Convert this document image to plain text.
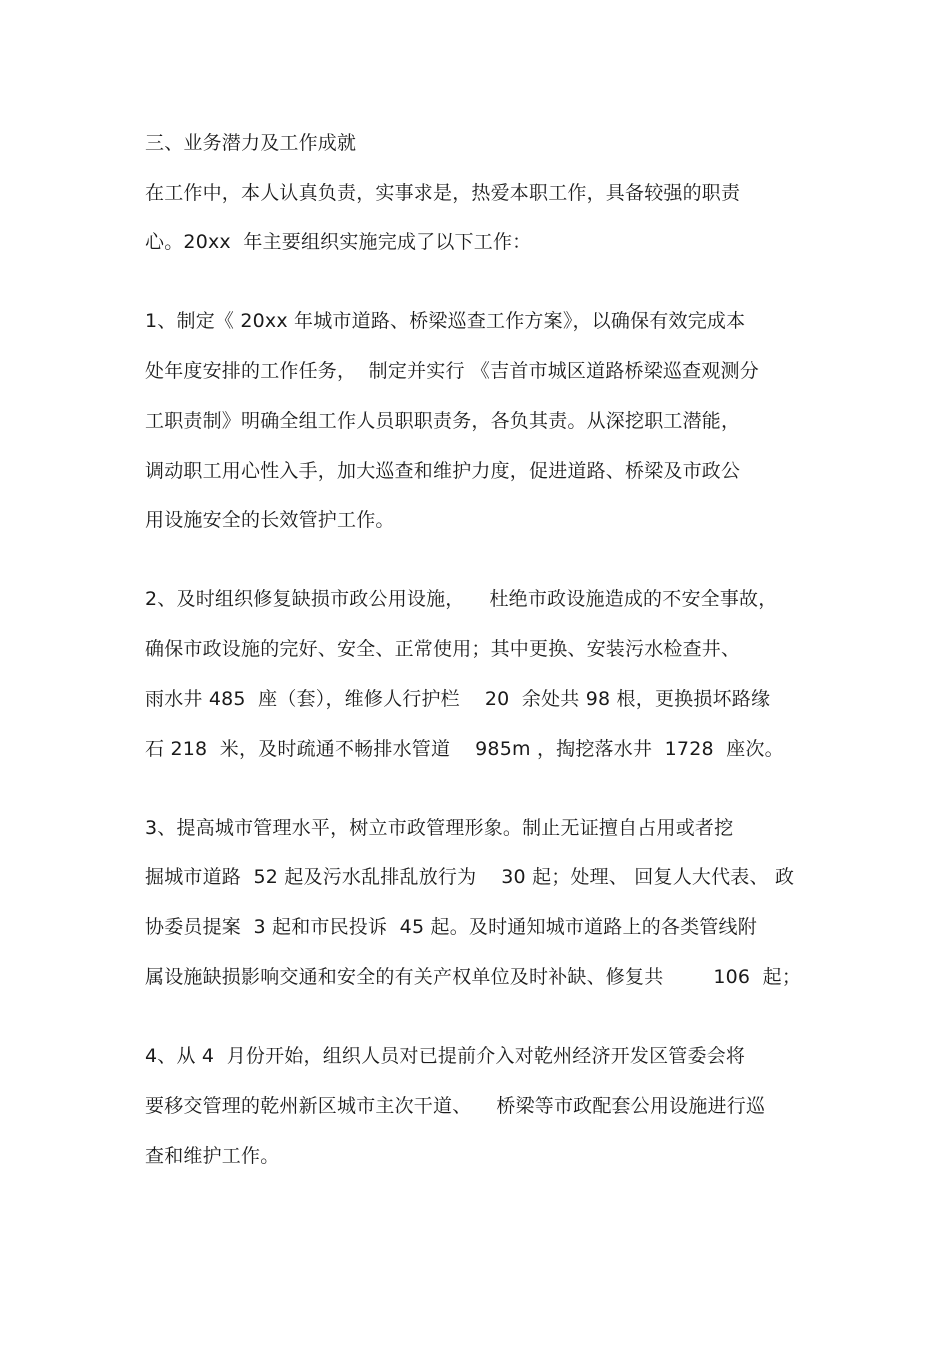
三、业务潜力及工作成就
在工作中，本人认真负责，实事求是，热爱本职工作，具备较强的职责
心。20xx  年主要组织实施完成了以下工作：
1、制定《 20xx 年城市道路、桥梁巡查工作方案》，以确保有效完成本
处年度安排的工作任务，  制定并实行 《吉首市城区道路桥梁巡查观测分
工职责制》明确全组工作人员职职责务，各负其责。从深挖职工潜能，
调动职工用心性入手，加大巡查和维护力度，促进道路、桥梁及市政公
用设施安全的长效管护工作。
2、及时组织修复缺损市政公用设施，    杜绝市政设施造成的不安全事故，
确保市政设施的完好、安全、正常使用；其中更换、安装污水检查井、
雨水井 485  座（套），维修人行护栏    20  余处共 98 根，更换损坏路缘
石 218  米，及时疏通不畅排水管道    985m ，掏挖落水井  1728  座次。
3、提高城市管理水平，树立市政管理形象。制止无证擅自占用或者挖
掘城市道路  52 起及污水乱排乱放行为    30 起；处理、 回复人大代表、 政
协委员提案  3 起和市民投诉  45 起。及时通知城市道路上的各类管线附
属设施缺损影响交通和安全的有关产权单位及时补缺、修复共        106  起；
4、从 4  月份开始，组织人员对已提前介入对乾州经济开发区管委会将
要移交管理的乾州新区城市主次干道、    桥梁等市政配套公用设施进行巡
查和维护工作。
